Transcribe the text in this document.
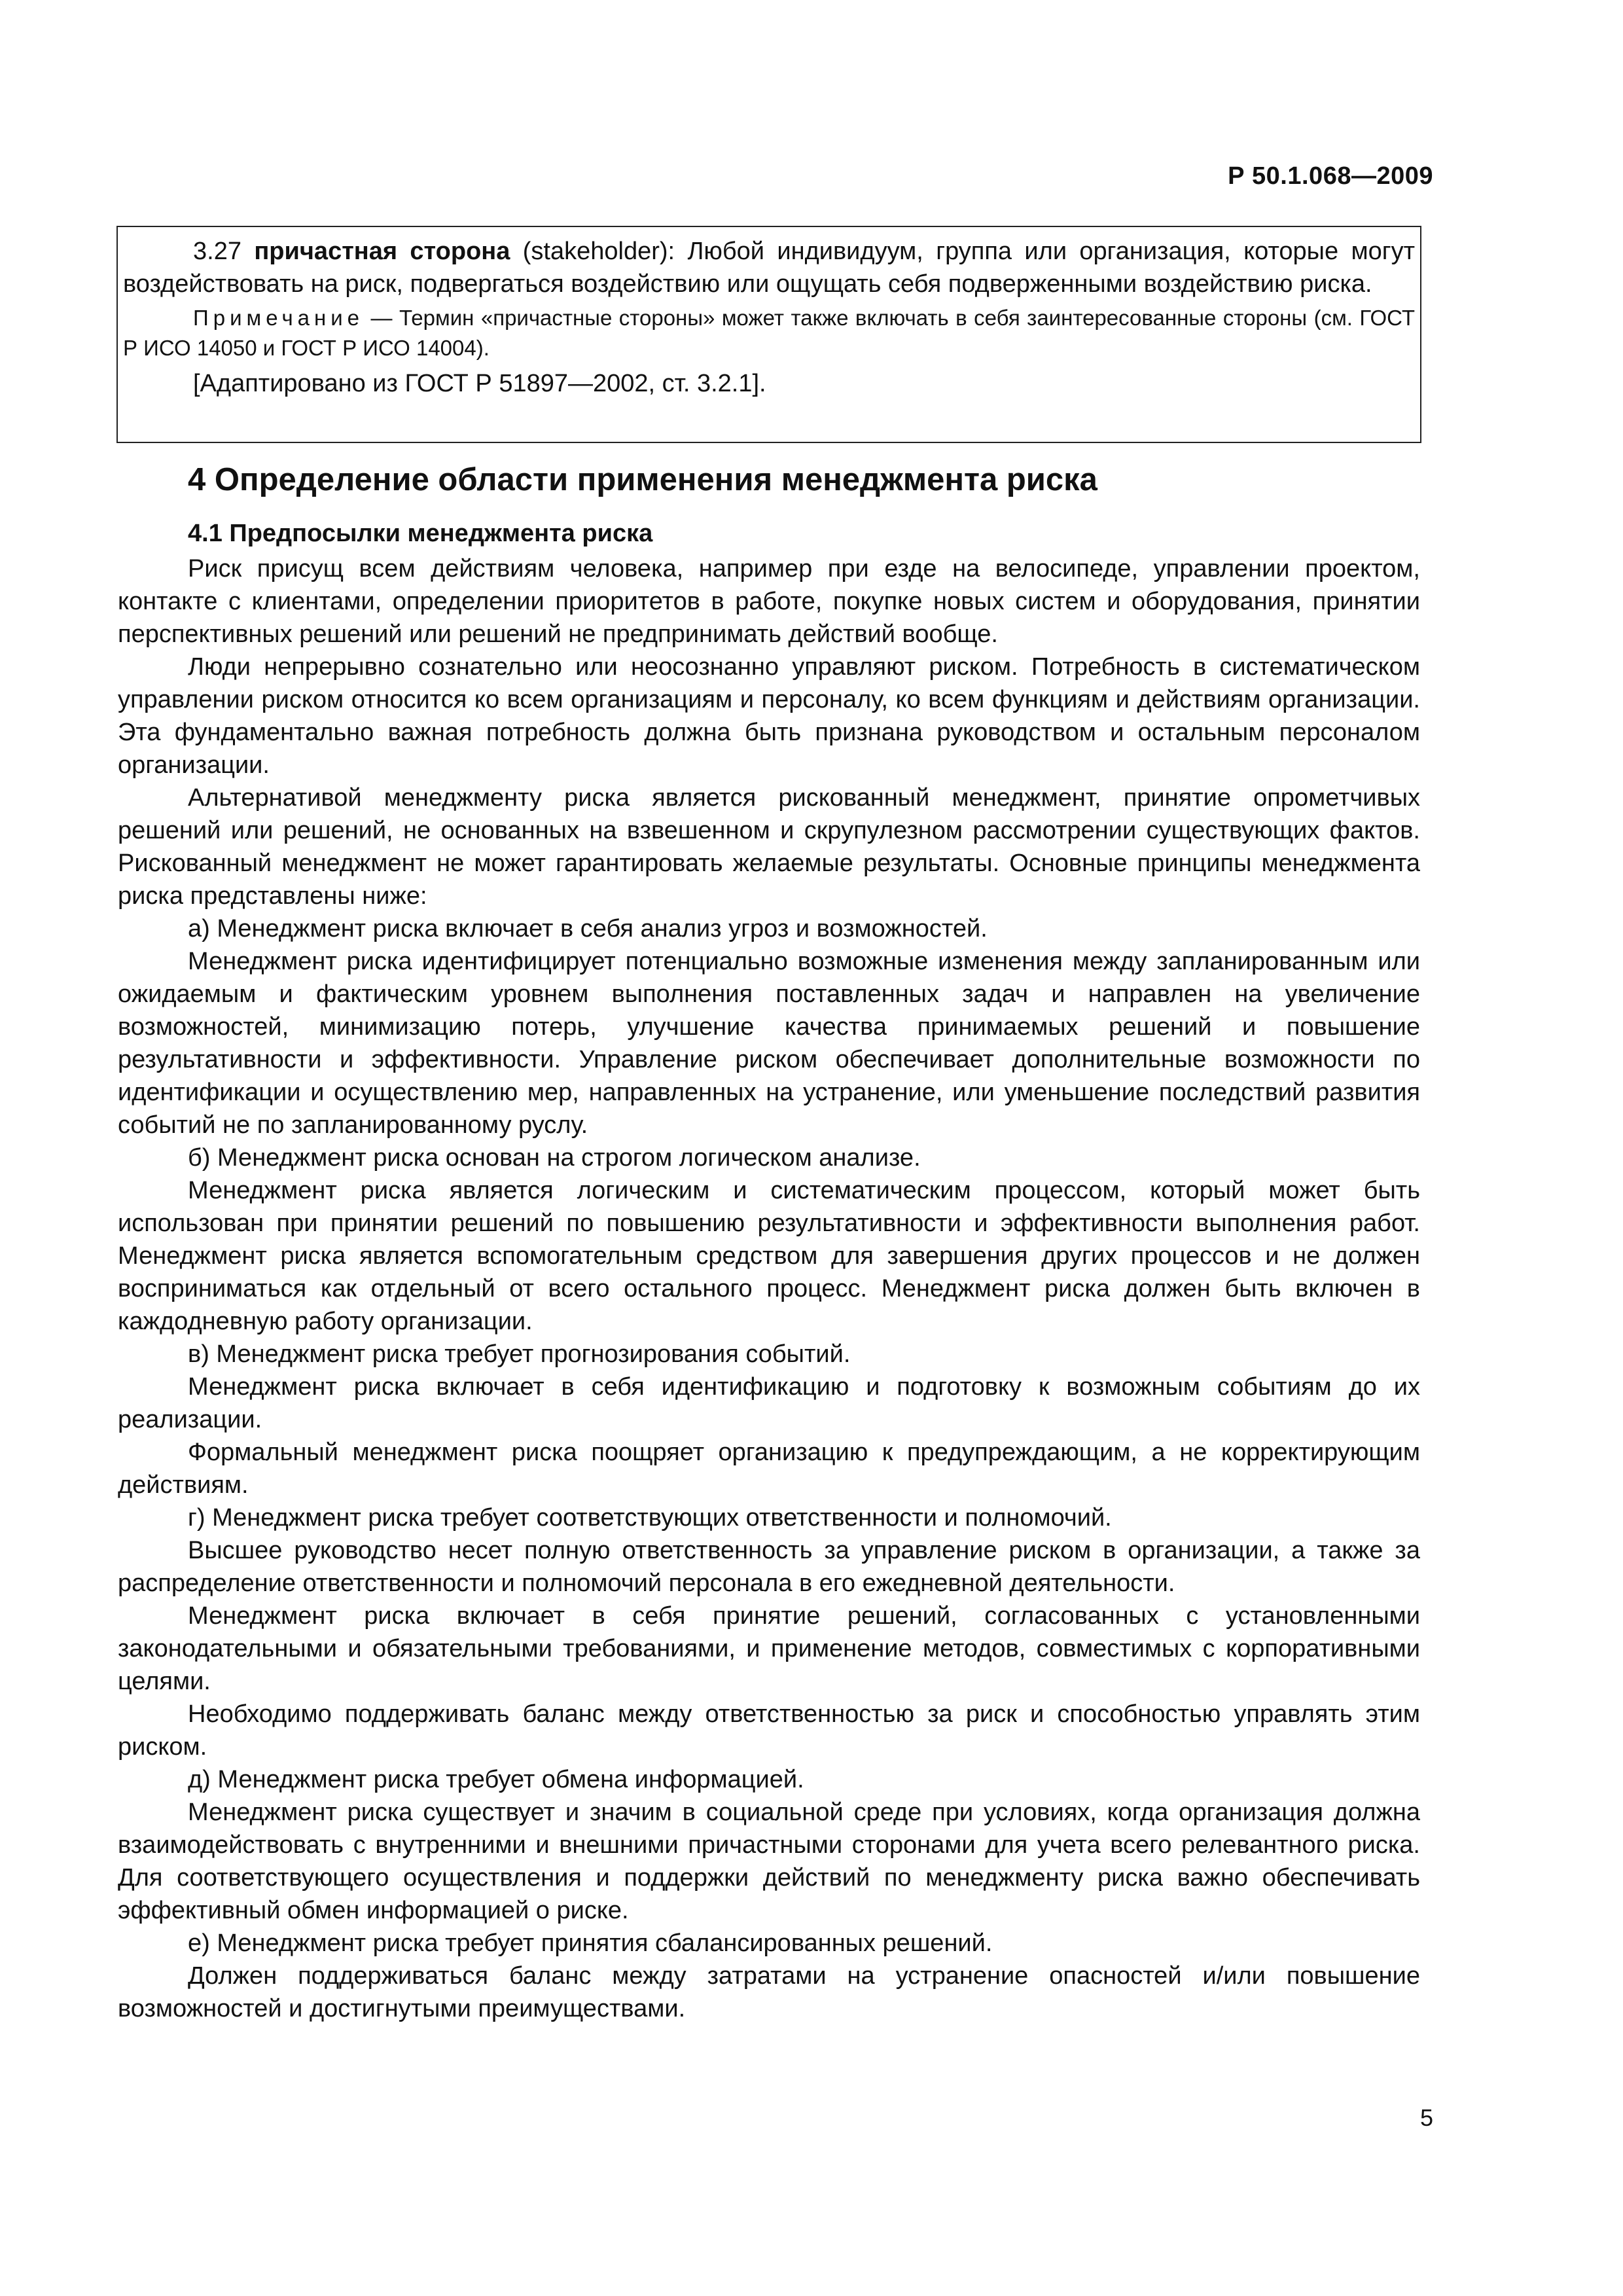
Р 50.1.068—2009

3.27 причастная сторона (stakeholder): Любой индивидуум, группа или организация, которые могут воздействовать на риск, подвергаться воздействию или ощущать себя подверженными воздействию риска.

Примечание — Термин «причастные стороны» может также включать в себя заинтересованные стороны (см. ГОСТ Р ИСО 14050 и ГОСТ Р ИСО 14004).

[Адаптировано из ГОСТ Р 51897—2002, ст. 3.2.1].

4 Определение области применения менеджмента риска
4.1 Предпосылки менеджмента риска

Риск присущ всем действиям человека, например при езде на велосипеде, управлении проектом, контакте с клиентами, определении приоритетов в работе, покупке новых систем и оборудования, принятии перспективных решений или решений не предпринимать действий вообще.

Люди непрерывно сознательно или неосознанно управляют риском. Потребность в систематическом управлении риском относится ко всем организациям и персоналу, ко всем функциям и действиям организации. Эта фундаментально важная потребность должна быть признана руководством и остальным персоналом организации.

Альтернативой менеджменту риска является рискованный менеджмент, принятие опрометчивых решений или решений, не основанных на взвешенном и скрупулезном рассмотрении существующих фактов. Рискованный менеджмент не может гарантировать желаемые результаты. Основные принципы менеджмента риска представлены ниже:

а) Менеджмент риска включает в себя анализ угроз и возможностей.

Менеджмент риска идентифицирует потенциально возможные изменения между запланированным или ожидаемым и фактическим уровнем выполнения поставленных задач и направлен на увеличение возможностей, минимизацию потерь, улучшение качества принимаемых решений и повышение результативности и эффективности. Управление риском обеспечивает дополнительные возможности по идентификации и осуществлению мер, направленных на устранение, или уменьшение последствий развития событий не по запланированному руслу.

б) Менеджмент риска основан на строгом логическом анализе.

Менеджмент риска является логическим и систематическим процессом, который может быть использован при принятии решений по повышению результативности и эффективности выполнения работ. Менеджмент риска является вспомогательным средством для завершения других процессов и не должен восприниматься как отдельный от всего остального процесс. Менеджмент риска должен быть включен в каждодневную работу организации.

в) Менеджмент риска требует прогнозирования событий.

Менеджмент риска включает в себя идентификацию и подготовку к возможным событиям до их реализации.

Формальный менеджмент риска поощряет организацию к предупреждающим, а не корректирующим действиям.

г) Менеджмент риска требует соответствующих ответственности и полномочий.

Высшее руководство несет полную ответственность за управление риском в организации, а также за распределение ответственности и полномочий персонала в его ежедневной деятельности.

Менеджмент риска включает в себя принятие решений, согласованных с установленными законодательными и обязательными требованиями, и применение методов, совместимых с корпоративными целями.

Необходимо поддерживать баланс между ответственностью за риск и способностью управлять этим риском.

д) Менеджмент риска требует обмена информацией.

Менеджмент риска существует и значим в социальной среде при условиях, когда организация должна взаимодействовать с внутренними и внешними причастными сторонами для учета всего релевантного риска. Для соответствующего осуществления и поддержки действий по менеджменту риска важно обеспечивать эффективный обмен информацией о риске.

е) Менеджмент риска требует принятия сбалансированных решений.

Должен поддерживаться баланс между затратами на устранение опасностей и/или повышение возможностей и достигнутыми преимуществами.

5
